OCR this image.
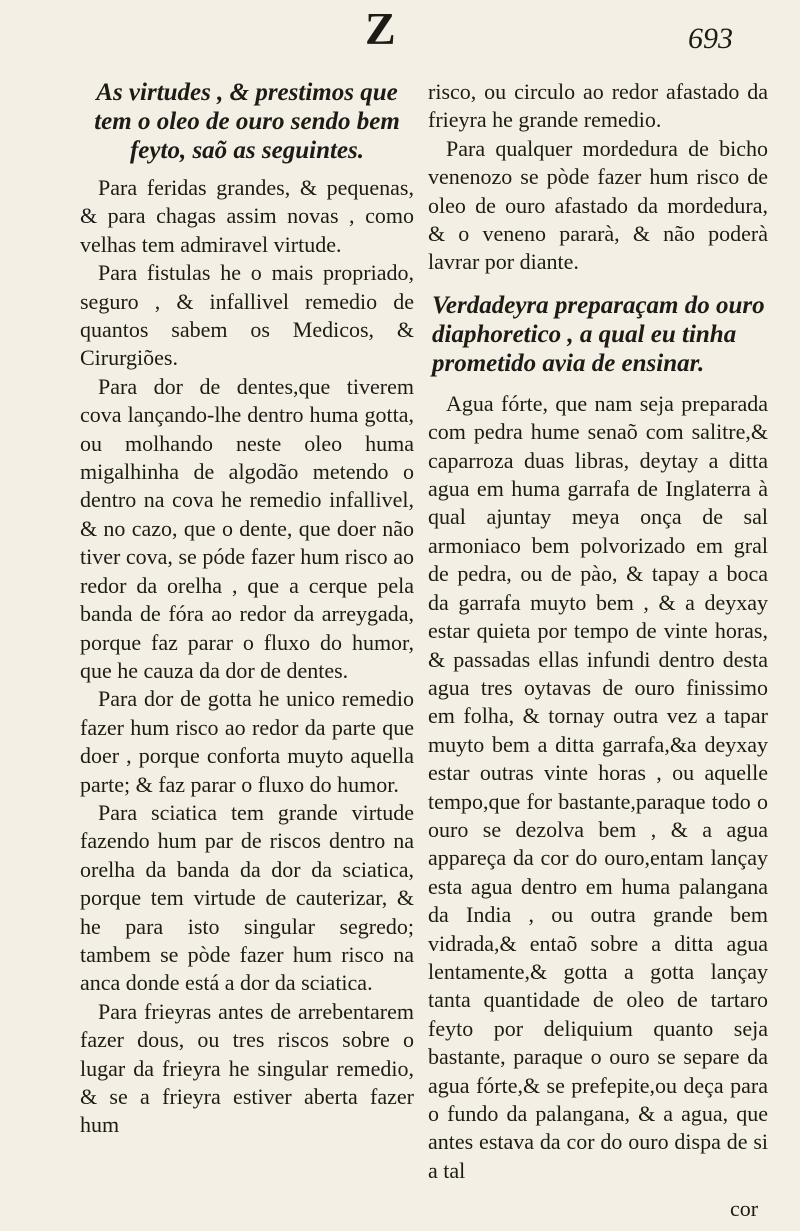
Z	693
As virtudes , & prestimos que tem o oleo de ouro sendo bem feyto, saõ as seguintes.

Para feridas grandes, & pequenas, & para chagas assim novas , como velhas tem admiravel virtude.

Para fistulas he o mais propriado, seguro , & infallivel remedio de quantos sabem os Medicos, & Cirurgiões.

Para dor de dentes,que tiverem cova lançando-lhe dentro huma gotta, ou molhando neste oleo huma migalhinha de algodão metendo o dentro na cova he remedio infallivel, & no cazo, que o dente, que doer não tiver cova, se póde fazer hum risco ao redor da orelha , que a cerque pela banda de fóra ao redor da arreygada, porque faz parar o fluxo do humor, que he cauza da dor de dentes.

Para dor de gotta he unico remedio fazer hum risco ao redor da parte que doer , porque conforta muyto aquella parte; & faz parar o fluxo do humor.

Para sciatica tem grande virtude fazendo hum par de riscos dentro na orelha da banda da dor da sciatica, porque tem virtude de cauterizar, & he para isto singular segredo; tambem se pòde fazer hum risco na anca donde está a dor da sciatica.

Para frieyras antes de arrebentarem fazer dous, ou tres riscos sobre o lugar da frieyra he singular remedio, & se a frieyra estiver aberta fazer hum

risco, ou circulo ao redor afastado da frieyra he grande remedio.

Para qualquer mordedura de bicho venenozo se pòde fazer hum risco de oleo de ouro afastado da mordedura, & o veneno pararà, & não poderà lavrar por diante.

Verdadeyra preparaçam do ouro diaphoretico , a qual eu tinha prometido avia de ensinar.

Agua fórte, que nam seja preparada com pedra hume senaõ com salitre,& caparroza duas libras, deytay a ditta agua em huma garrafa de Inglaterra à qual ajuntay meya onça de sal armoniaco bem polvorizado em gral de pedra, ou de pào, & tapay a boca da garrafa muyto bem , & a deyxay estar quieta por tempo de vinte horas, & passadas ellas infundi dentro desta agua tres oytavas de ouro finissimo em folha, & tornay outra vez a tapar muyto bem a ditta garrafa,&a deyxay estar outras vinte horas , ou aquelle tempo,que for bastante,paraque todo o ouro se dezolva bem , & a agua appareça da cor do ouro,entam lançay esta agua dentro em huma palangana da India , ou outra grande bem vidrada,& entaõ sobre a ditta agua lentamente,& gotta a gotta lançay tanta quantidade de oleo de tartaro feyto por deliquium quanto seja bastante, paraque o ouro se separe da agua fórte,& se prefepite,ou deça para o fundo da palangana, & a agua, que antes estava da cor do ouro dispa de si a tal

cor
